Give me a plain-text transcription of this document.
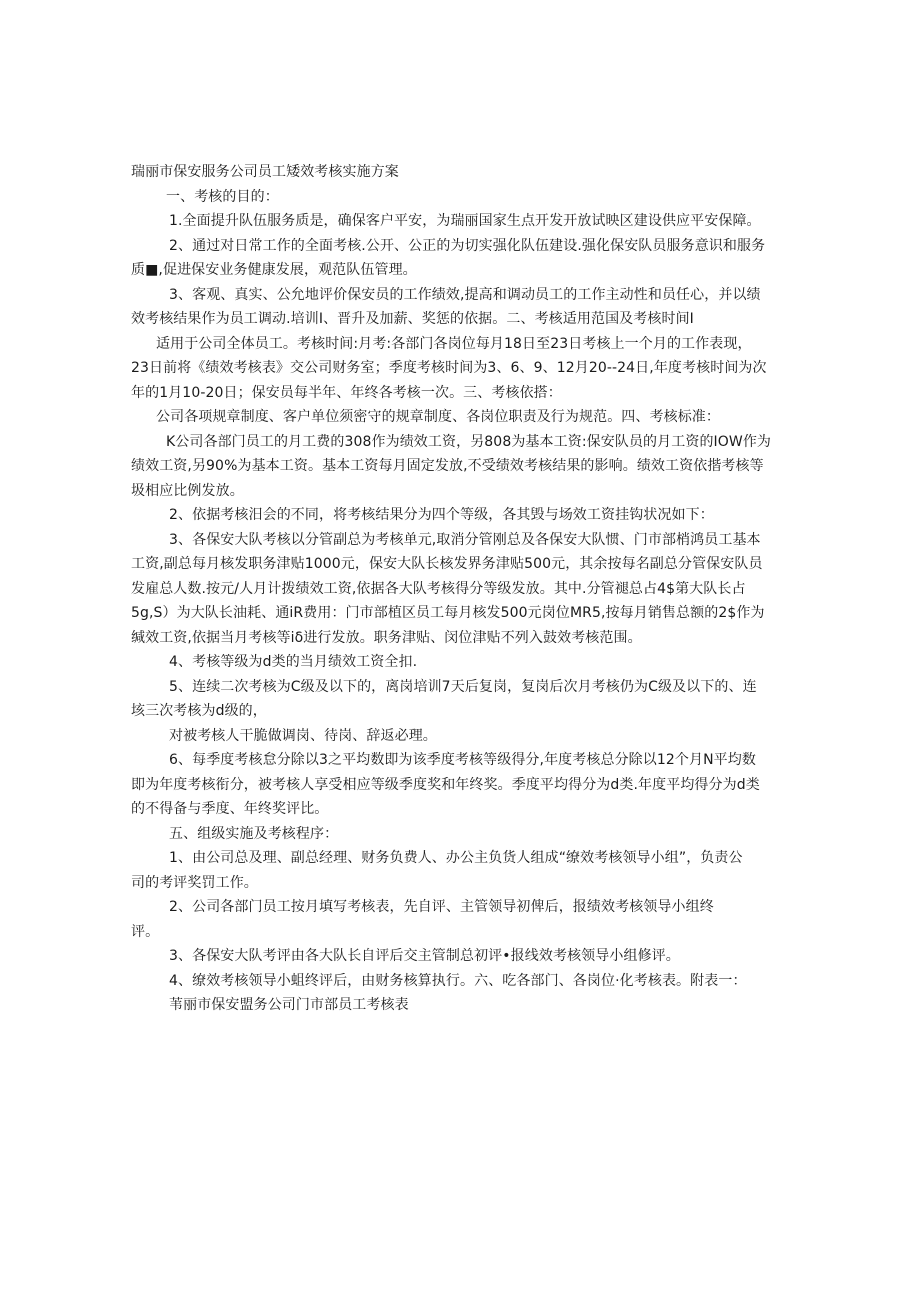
瑞丽市保安服务公司员工矮效考核实施方案

一、考核的目的：

1.全面提升队伍服务质是，确保客户平安，为瑞丽国家生点开发开放试映区建设供应平安保障。

2、通过对日常工作的全面考核.公开、公正的为切实强化队伍建设.强化保安队员服务意识和服务

质■,促进保安业务健康发展，观范队伍管理。

3、客观、真实、公允地评价保安员的工作绩效,提高和调动员工的工作主动性和员任心，并以绩

效考核结果作为员工调动.培训I、晋升及加薪、奖惩的依据。二、考核适用范国及考核时间I

适用于公司全体员工。考核时间:月考:各部门各岗位每月18日至23日考核上一个月的工作表现，

23日前将《绩效考核表》交公司财务室；季度考核时间为3、6、9、12月20--24日,年度考核时间为次

年的1月10-20日；保安员每半年、年终各考核一次。三、考核依搭：

公司各项规章制度、客户单位须密守的规章制度、各岗位职责及行为规范。四、考核标准：

K公司各部门员工的月工费的308作为绩效工资，另808为基本工资:保安队员的月工资的IOW作为

绩效工资,另90%为基本工资。基本工资每月固定发放,不受绩效考核结果的影响。绩效工资依揩考核等

圾相应比例发放。

2、依据考核汨会的不同，将考核结果分为四个等级，各其毁与场效工资挂钩状况如下：

3、各保安大队考核以分管副总为考核单元,取消分管刚总及各保安大队惯、门市部梢鸿员工基本

工资,副总每月核发职务津贴1000元，保安大队长核发界务津贴500元，其余按每名副总分管保安队员

发雇总人数.按元/人月计拨绩效工资,依据各大队考核得分等级发放。其中.分管褪总占4$第大队长占

5g,S）为大队长油耗、通iR费用：门市部植区员工每月核发500元岗位MR5,按每月销售总额的2$作为

缄效工资,依据当月考核等iδ进行发放。职务津贴、闵位津贴不列入鼓效考核范围。

4、考核等级为d类的当月绩效工资全扣.

5、连续二次考核为C级及以下的，离岗培训7天后复岗，复岗后次月考核仍为C级及以下的、连

垓三次考核为d级的，

对被考核人干脆做调岗、待岗、辞返必理。

6、每季度考核怠分除以3之平均数即为该季度考核等级得分,年度考核总分除以12个月N平均数

即为年度考核衔分，被考核人享受相应等级季度奖和年终奖。季度平均得分为d类.年度平均得分为d类

的不得备与季度、年终奖评比。

五、组级实施及考核程序：

1、由公司总及理、副总经理、财务负费人、办公主负货人组成“缭效考核领导小组”，负责公

司的考评奖罚工作。

2、公司各部门员工按月填写考核表，先自评、主管领导初俾后，报绩效考核领导小组终

评。

3、各保安大队考评由各大队长自评后交主管制总初评•报线效考核领导小组修评。

4、缭效考核领导小蛆终评后，由财务核算执行。六、吃各部门、各岗位·化考核表。附表一：

苇丽市保安盟务公司门市部员工考核表
